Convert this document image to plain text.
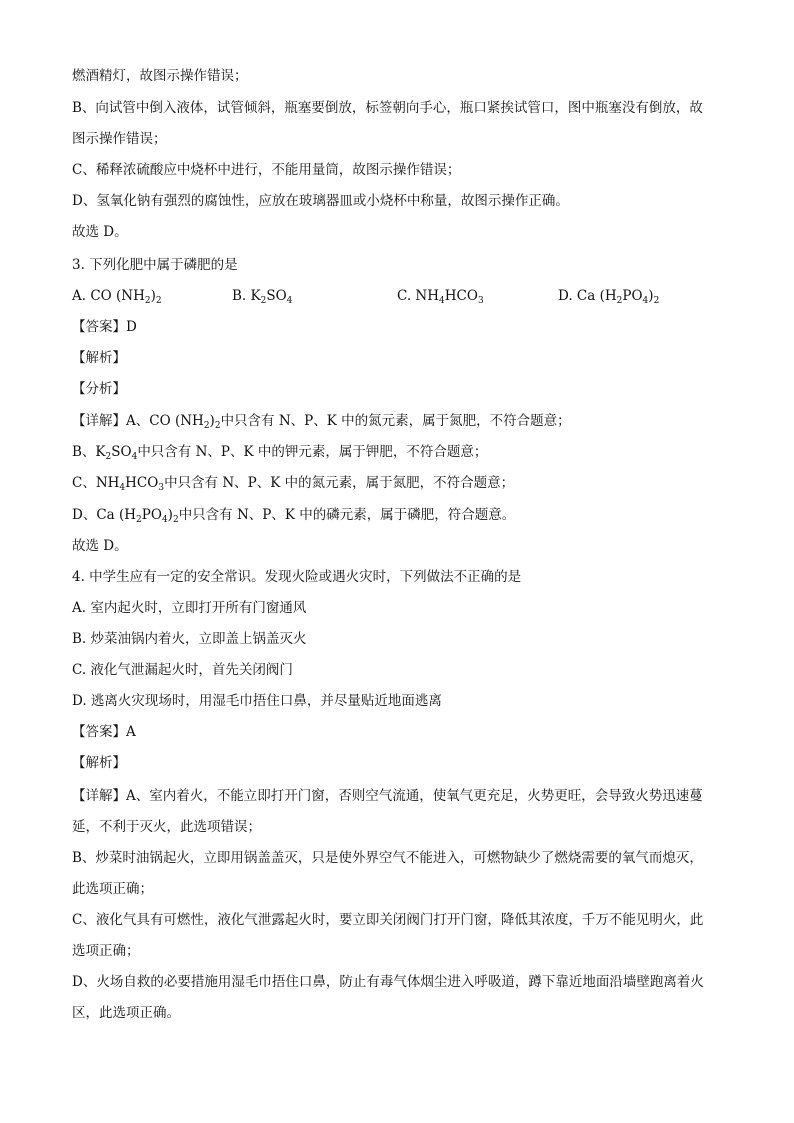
燃酒精灯，故图示操作错误；
B、向试管中倒入液体，试管倾斜，瓶塞要倒放，标签朝向手心，瓶口紧挨试管口，图中瓶塞没有倒放，故
图示操作错误；
C、稀释浓硫酸应中烧杯中进行，不能用量筒，故图示操作错误；
D、氢氧化钠有强烈的腐蚀性，应放在玻璃器皿或小烧杯中称量，故图示操作正确。
故选 D。
3. 下列化肥中属于磷肥的是
A. CO $(NH_2)_2$	B. $K_2SO_4$	C. $NH_4HCO_3$	D. Ca $(H_2PO_4)_2$
【答案】D
【解析】
【分析】
【详解】A、CO $(NH_2)_2$中只含有 N、P、K 中的氮元素，属于氮肥，不符合题意；
B、$K_2SO_4$中只含有 N、P、K 中的钾元素，属于钾肥，不符合题意；
C、$NH_4HCO_3$中只含有 N、P、K 中的氮元素，属于氮肥，不符合题意；
D、Ca $(H_2PO_4)_2$中只含有 N、P、K 中的磷元素，属于磷肥，符合题意。
故选 D。
4. 中学生应有一定的安全常识。发现火险或遇火灾时，下列做法不正确的是
A. 室内起火时，立即打开所有门窗通风
B. 炒菜油锅内着火，立即盖上锅盖灭火
C. 液化气泄漏起火时，首先关闭阀门
D. 逃离火灾现场时，用湿毛巾捂住口鼻，并尽量贴近地面逃离
【答案】A
【解析】
【详解】A、室内着火，不能立即打开门窗，否则空气流通，使氧气更充足，火势更旺，会导致火势迅速蔓
延，不利于灭火，此选项错误；
B、炒菜时油锅起火，立即用锅盖盖灭，只是使外界空气不能进入，可燃物缺少了燃烧需要的氧气而熄灭，
此选项正确；
C、液化气具有可燃性，液化气泄露起火时，要立即关闭阀门打开门窗，降低其浓度，千万不能见明火，此
选项正确；
D、火场自救的必要措施用湿毛巾捂住口鼻，防止有毒气体烟尘进入呼吸道，蹲下靠近地面沿墙壁跑离着火
区，此选项正确。
